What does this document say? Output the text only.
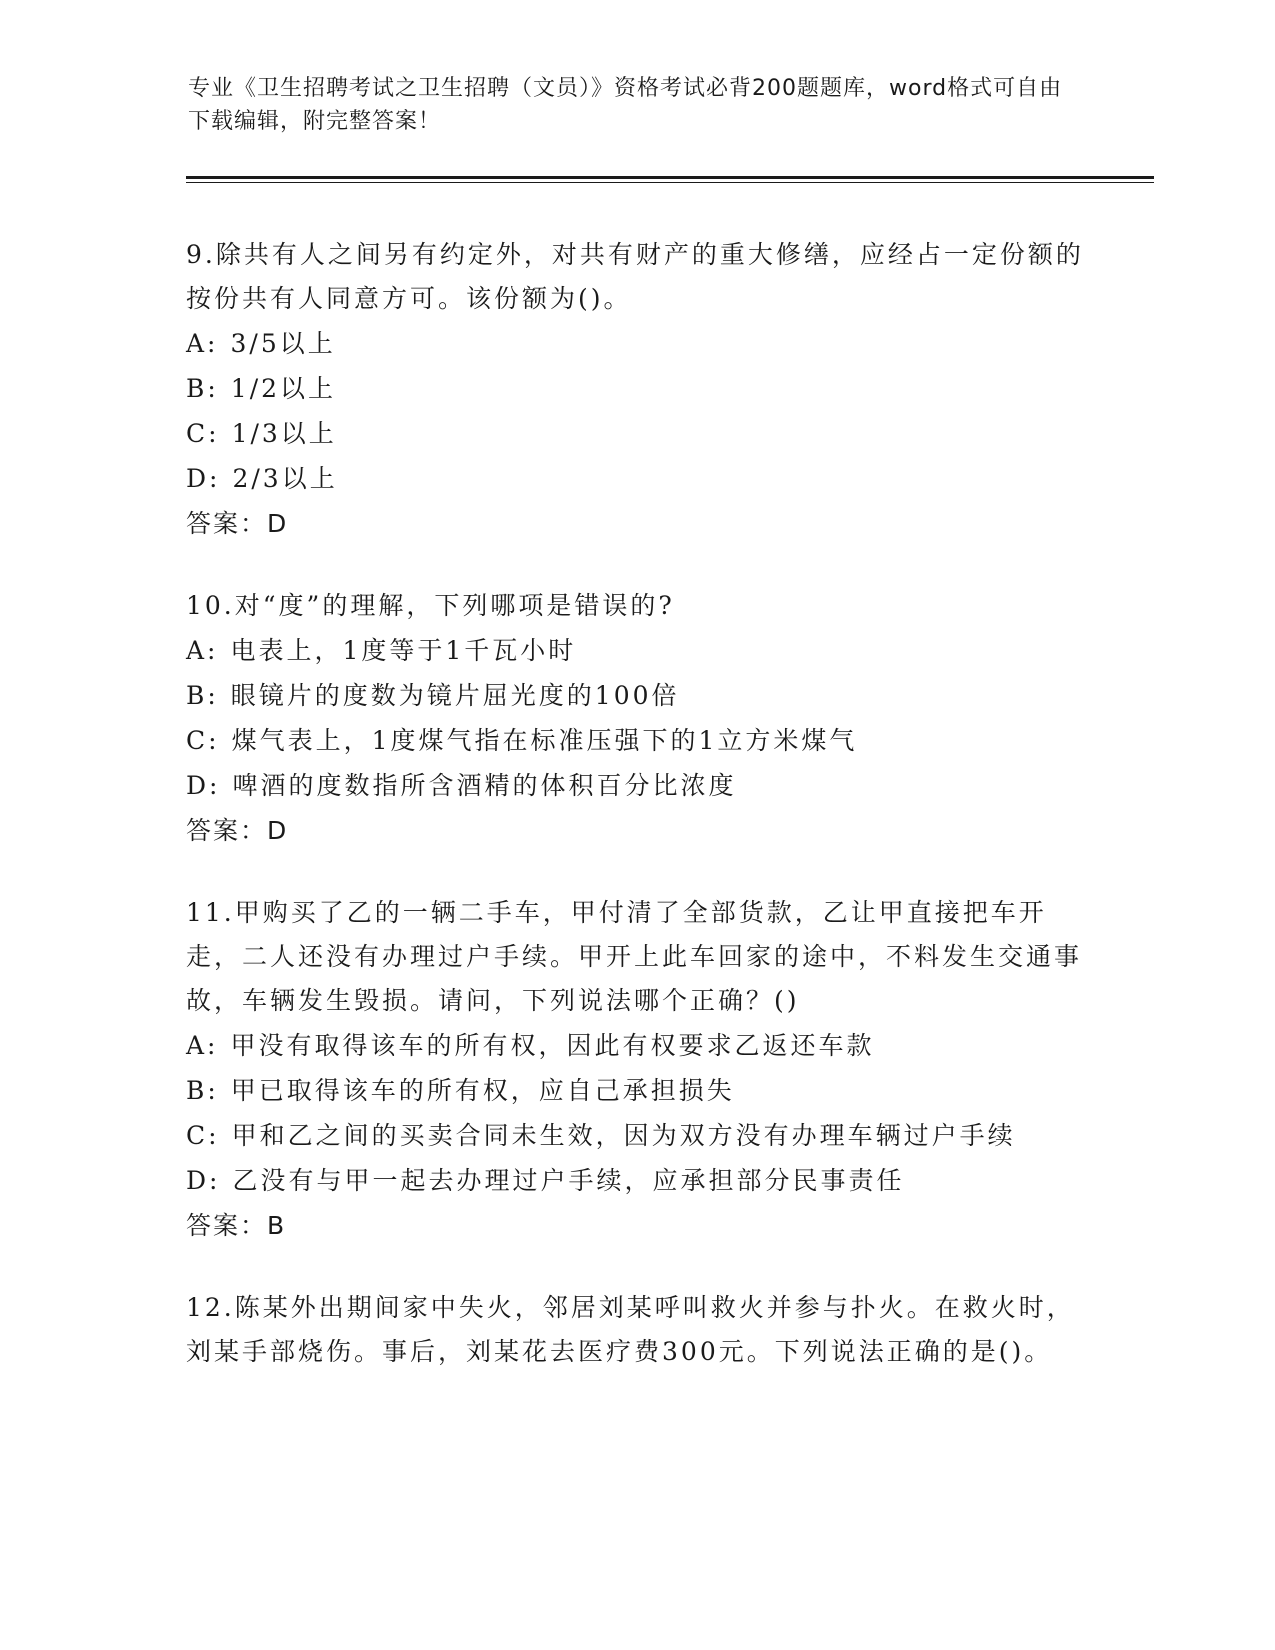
专业《卫生招聘考试之卫生招聘（文员）》资格考试必背200题题库，word格式可自由下载编辑，附完整答案！

9.除共有人之间另有约定外，对共有财产的重大修缮，应经占一定份额的按份共有人同意方可。该份额为()。

A: 3/5以上

B: 1/2以上

C: 1/3以上

D: 2/3以上

答案：D

10.对“度”的理解，下列哪项是错误的?

A: 电表上，1度等于1千瓦小时

B: 眼镜片的度数为镜片屈光度的100倍

C: 煤气表上，1度煤气指在标准压强下的1立方米煤气

D: 啤酒的度数指所含酒精的体积百分比浓度

答案：D

11.甲购买了乙的一辆二手车，甲付清了全部货款，乙让甲直接把车开走，二人还没有办理过户手续。甲开上此车回家的途中，不料发生交通事故，车辆发生毁损。请问，下列说法哪个正确？()

A: 甲没有取得该车的所有权，因此有权要求乙返还车款

B: 甲已取得该车的所有权，应自己承担损失

C: 甲和乙之间的买卖合同未生效，因为双方没有办理车辆过户手续

D: 乙没有与甲一起去办理过户手续，应承担部分民事责任

答案：B

12.陈某外出期间家中失火，邻居刘某呼叫救火并参与扑火。在救火时，刘某手部烧伤。事后，刘某花去医疗费300元。下列说法正确的是()。
